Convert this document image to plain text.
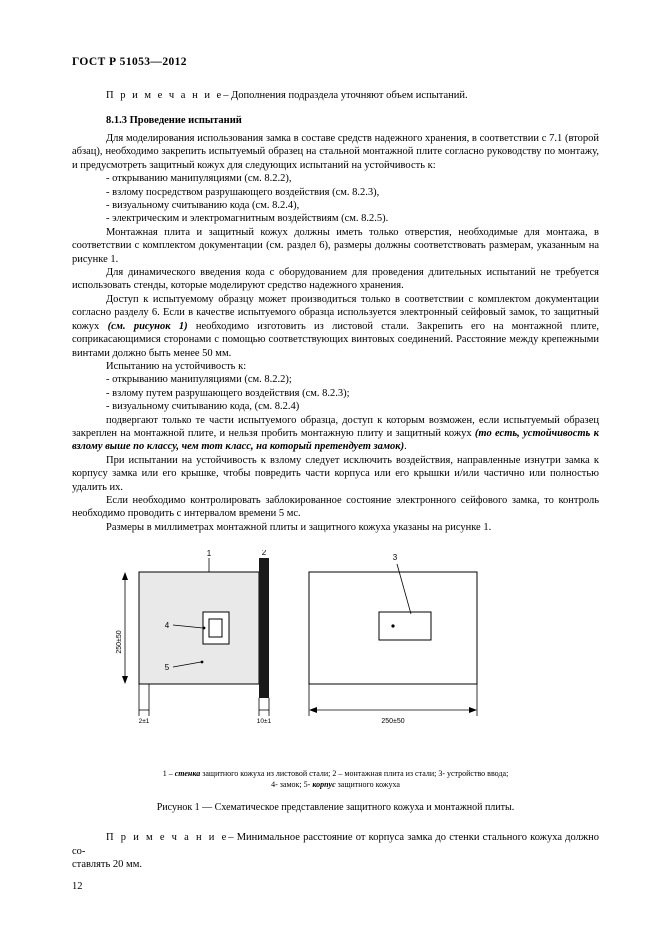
ГОСТ Р 51053—2012
П р и м е ч а н и е– Дополнения подраздела уточняют объем испытаний.
8.1.3 Проведение испытаний

Для моделирования использования замка в составе средств надежного хранения, в соответствии с 7.1 (второй абзац), необходимо закрепить испытуемый образец на стальной монтажной плите согласно руководству по монтажу, и предусмотреть защитный кожух для следующих испытаний на устойчивость к:

- открыванию манипуляциями (см. 8.2.2),
- взлому посредством разрушающего воздействия (см. 8.2.3),
- визуальному считыванию кода (см. 8.2.4),
- электрическим и электромагнитным воздействиям (см. 8.2.5).

Монтажная плита и защитный кожух должны иметь только отверстия, необходимые для монтажа, в соответствии с комплектом документации (см. раздел 6), размеры должны соответствовать размерам, указанным на рисунке 1.

Для динамического введения кода с оборудованием для проведения длительных испытаний не требуется использовать стенды, которые моделируют средство надежного хранения.

Доступ к испытуемому образцу может производиться только в соответствии с комплектом документации согласно разделу 6. Если в качестве испытуемого образца используется электронный сейфовый замок, то защитный кожух (см. рисунок 1) необходимо изготовить из листовой стали. Закрепить его на монтажной плите, соприкасающимися сторонами с помощью соответствующих винтовых соединений. Расстояние между крепежными винтами должно быть менее 50 мм.

Испытанию на устойчивость к:

- открыванию манипуляциями (см. 8.2.2);
- взлому путем разрушающего воздействия (см. 8.2.3);
- визуальному считыванию кода, (см. 8.2.4)

подвергают только те части испытуемого образца, доступ к которым возможен, если испытуемый образец закреплен на монтажной плите, и нельзя пробить монтажную плиту и защитный кожух (то есть, устойчивость к взлому выше по классу, чем тот класс, на который претендует замок).

При испытании на устойчивость к взлому следует исключить воздействия, направленные изнутри замка к корпусу замка или его крышке, чтобы повредить части корпуса или его крышки и/или частично или полностью удалить их.

Если необходимо контролировать заблокированное состояние электронного сейфового замка, то контроль необходимо проводить с интервалом времени 5 мс.

Размеры в миллиметрах монтажной плиты и защитного кожуха указаны на рисунке 1.

250±50
2±1	10±1	250±50
1	2
3
4
5
1 – стенка защитного кожуха из листовой стали; 2 – монтажная плита из стали; 3- устройство ввода;
4- замок; 5- корпус защитного кожуха
Рисунок 1 — Схематическое представление защитного кожуха и монтажной плиты.
П р и м е ч а н и е– Минимальное расстояние от корпуса замка до стенки стального кожуха должно со-
ставлять 20 мм.
12
